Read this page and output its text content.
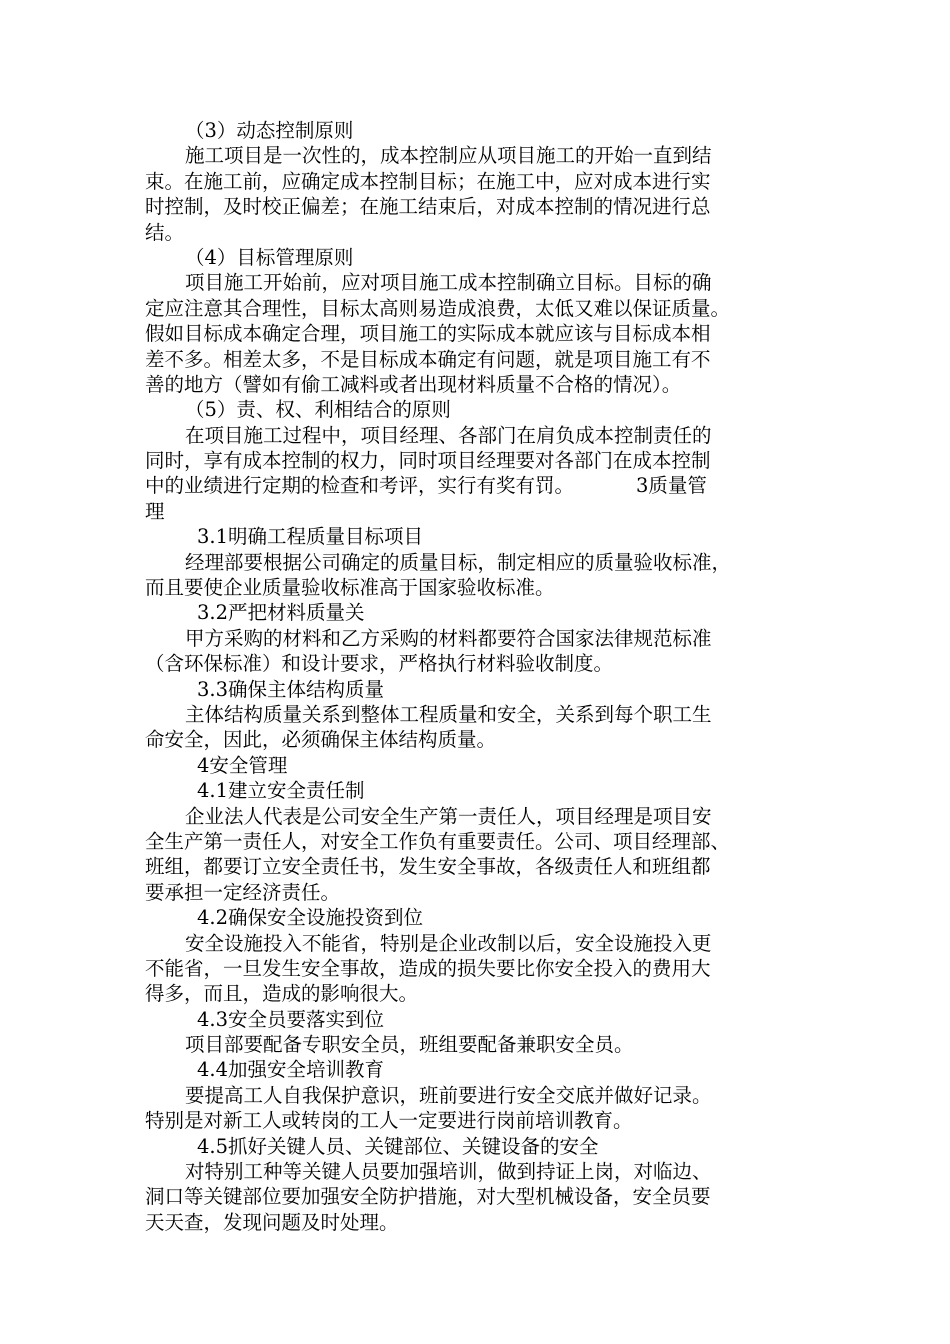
（3）动态控制原则
施工项目是一次性的，成本控制应从项目施工的开始一直到结
束。在施工前，应确定成本控制目标；在施工中，应对成本进行实
时控制，及时校正偏差；在施工结束后，对成本控制的情况进行总
结。
（4）目标管理原则
项目施工开始前，应对项目施工成本控制确立目标。目标的确
定应注意其合理性，目标太高则易造成浪费，太低又难以保证质量。
假如目标成本确定合理，项目施工的实际成本就应该与目标成本相
差不多。相差太多，不是目标成本确定有问题，就是项目施工有不
善的地方（譬如有偷工减料或者出现材料质量不合格的情况）。
（5）责、权、利相结合的原则
在项目施工过程中，项目经理、各部门在肩负成本控制责任的
同时，享有成本控制的权力，同时项目经理要对各部门在成本控制
中的业绩进行定期的检查和考评，实行有奖有罚。          3质量管
理
3.1明确工程质量目标项目
经理部要根据公司确定的质量目标，制定相应的质量验收标准，
而且要使企业质量验收标准高于国家验收标准。
3.2严把材料质量关
甲方采购的材料和乙方采购的材料都要符合国家法律规范标准
（含环保标准）和设计要求，严格执行材料验收制度。
3.3确保主体结构质量
主体结构质量关系到整体工程质量和安全，关系到每个职工生
命安全，因此，必须确保主体结构质量。
4安全管理
4.1建立安全责任制
企业法人代表是公司安全生产第一责任人，项目经理是项目安
全生产第一责任人，对安全工作负有重要责任。公司、项目经理部、
班组，都要订立安全责任书，发生安全事故，各级责任人和班组都
要承担一定经济责任。
4.2确保安全设施投资到位
安全设施投入不能省，特别是企业改制以后，安全设施投入更
不能省，一旦发生安全事故，造成的损失要比你安全投入的费用大
得多，而且，造成的影响很大。
4.3安全员要落实到位
项目部要配备专职安全员，班组要配备兼职安全员。
4.4加强安全培训教育
要提高工人自我保护意识，班前要进行安全交底并做好记录。
特别是对新工人或转岗的工人一定要进行岗前培训教育。
4.5抓好关键人员、关键部位、关键设备的安全
对特别工种等关键人员要加强培训，做到持证上岗，对临边、
洞口等关键部位要加强安全防护措施，对大型机械设备，安全员要
天天查，发现问题及时处理。
